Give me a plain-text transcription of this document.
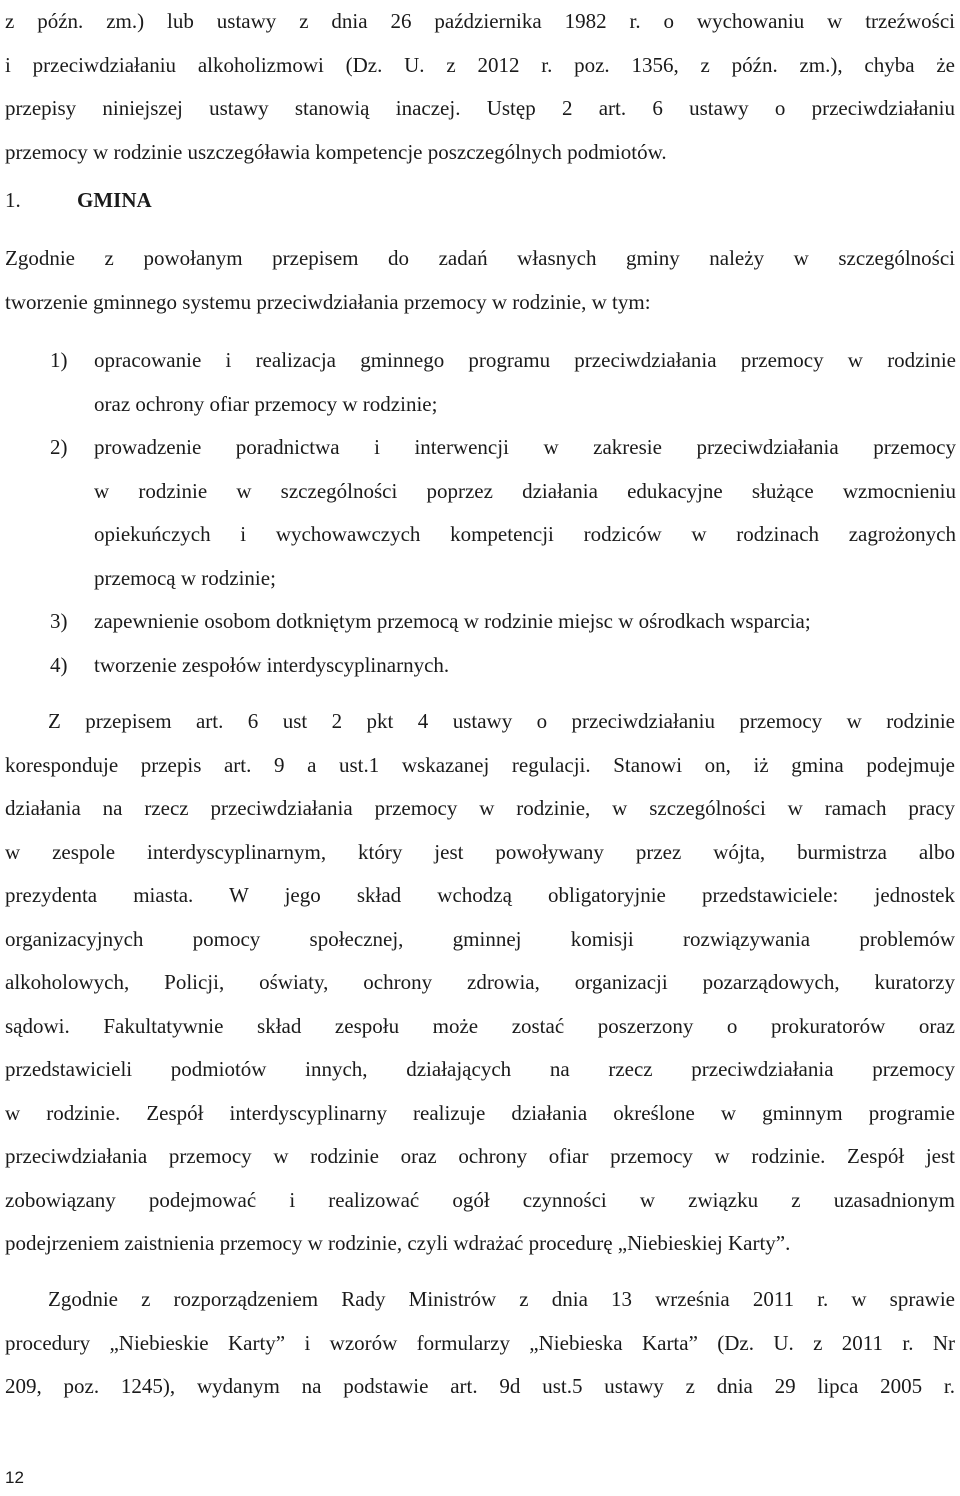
z późn. zm.) lub ustawy z dnia 26 października 1982 r. o wychowaniu w trzeźwości
i przeciwdziałaniu alkoholizmowi (Dz. U. z 2012 r. poz. 1356, z późn. zm.), chyba że
przepisy niniejszej ustawy stanowią inaczej. Ustęp 2 art. 6 ustawy o przeciwdziałaniu
przemocy w rodzinie uszczegóławia kompetencje poszczególnych podmiotów.
1.	GMINA
Zgodnie z powołanym przepisem do zadań własnych gminy należy w szczególności
tworzenie gminnego systemu przeciwdziałania przemocy w rodzinie, w tym:
1)	opracowanie i realizacja gminnego programu przeciwdziałania przemocy w rodzinie
oraz ochrony ofiar przemocy w rodzinie;
2)	prowadzenie poradnictwa i interwencji w zakresie przeciwdziałania przemocy
w rodzinie w szczególności poprzez działania edukacyjne służące wzmocnieniu
opiekuńczych i wychowawczych kompetencji rodziców w rodzinach zagrożonych
przemocą w rodzinie;
3)	zapewnienie osobom dotkniętym przemocą w rodzinie miejsc w ośrodkach wsparcia;
4)	tworzenie zespołów interdyscyplinarnych.
Z przepisem art. 6 ust 2 pkt 4 ustawy o przeciwdziałaniu przemocy w rodzinie
koresponduje przepis art. 9 a ust.1 wskazanej regulacji. Stanowi on, iż gmina podejmuje
działania na rzecz przeciwdziałania przemocy w rodzinie, w szczególności w ramach pracy
w zespole interdyscyplinarnym, który jest powoływany przez wójta, burmistrza albo
prezydenta miasta. W jego skład wchodzą obligatoryjnie przedstawiciele: jednostek
organizacyjnych pomocy społecznej, gminnej komisji rozwiązywania problemów
alkoholowych, Policji, oświaty, ochrony zdrowia, organizacji pozarządowych, kuratorzy
sądowi. Fakultatywnie skład zespołu może zostać poszerzony o prokuratorów oraz
przedstawicieli podmiotów innych, działających na rzecz przeciwdziałania przemocy
w rodzinie. Zespół interdyscyplinarny realizuje działania określone w gminnym programie
przeciwdziałania przemocy w rodzinie oraz ochrony ofiar przemocy w rodzinie. Zespół jest
zobowiązany podejmować i realizować ogół czynności w związku z uzasadnionym
podejrzeniem zaistnienia przemocy w rodzinie, czyli wdrażać procedurę „Niebieskiej Karty”.
Zgodnie z rozporządzeniem Rady Ministrów z dnia 13 września 2011 r. w sprawie
procedury „Niebieskie Karty” i wzorów formularzy „Niebieska Karta” (Dz. U. z 2011 r. Nr
209, poz. 1245), wydanym na podstawie art. 9d ust.5 ustawy z dnia 29 lipca 2005 r.
12
